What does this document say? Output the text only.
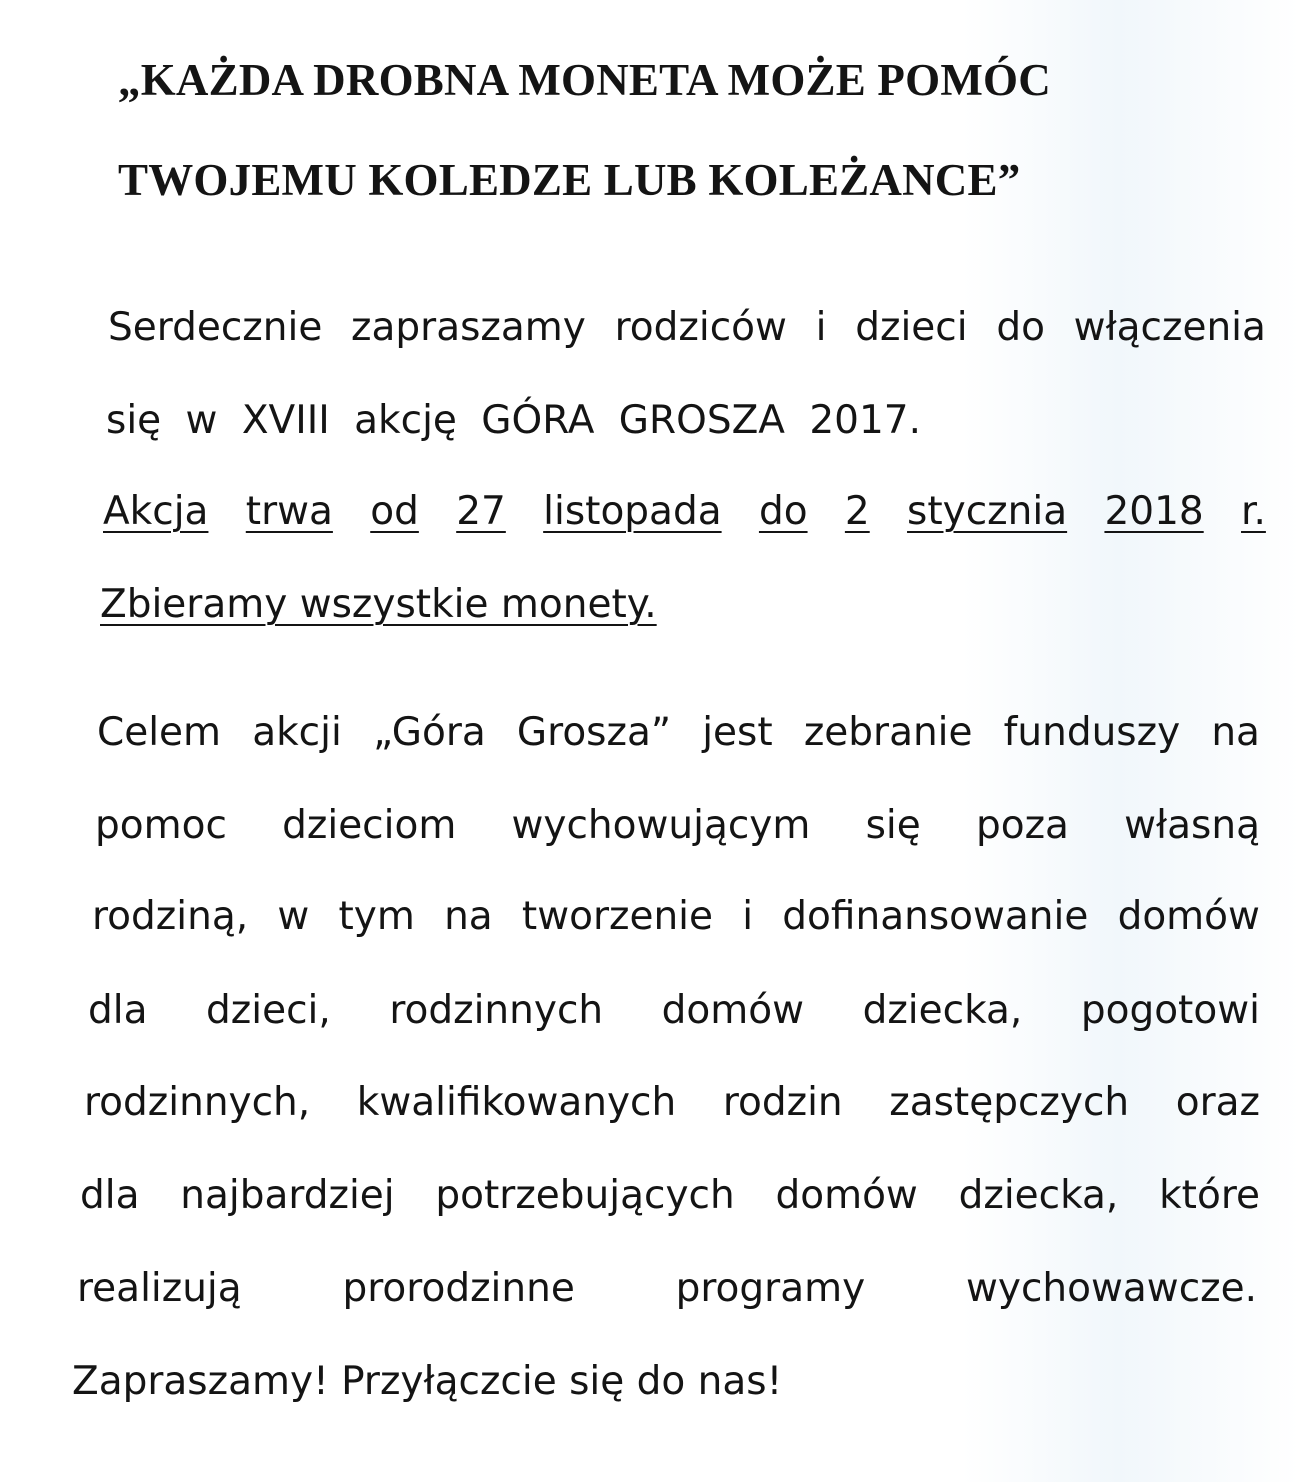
„KAŻDA DROBNA MONETA MOŻE POMÓC
TWOJEMU KOLEDZE LUB KOLEŻANCE”
Serdecznie zapraszamy rodziców i dzieci do włączenia
się w XVIII akcję GÓRA GROSZA 2017.
Akcja trwa od 27 listopada do 2 stycznia 2018 r.
Zbieramy wszystkie monety.
Celem akcji „Góra Grosza” jest zebranie funduszy na
pomoc dzieciom wychowującym się poza własną
rodziną, w tym na tworzenie i dofinansowanie domów
dla dzieci, rodzinnych domów dziecka, pogotowi
rodzinnych, kwalifikowanych rodzin zastępczych oraz
dla najbardziej potrzebujących domów dziecka, które
realizują	prorodzinne	programy	wychowawcze.
Zapraszamy! Przyłączcie się do nas!
